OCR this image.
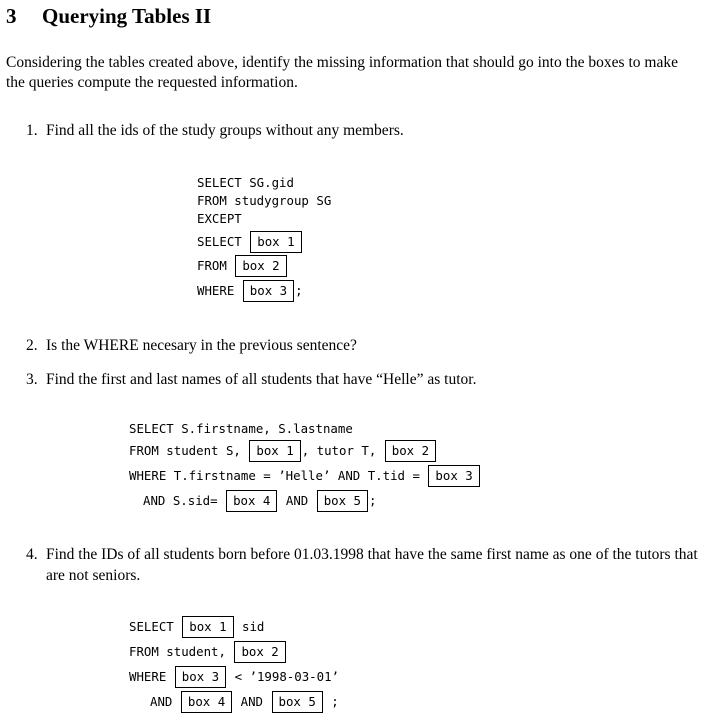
3 Querying Tables II
Considering the tables created above, identify the missing information that should go into the boxes to make the queries compute the requested information.
1. Find all the ids of the study groups without any members.
SELECT SG.gid
FROM studygroup SG
EXCEPT
SELECT box 1
FROM box 2
WHERE box 3 ;
2. Is the WHERE necesary in the previous sentence?
3. Find the first and last names of all students that have “Helle” as tutor.
SELECT S.firstname, S.lastname
FROM student S, box 1 , tutor T, box 2
WHERE T.firstname = ’Helle’ AND T.tid = box 3
AND S.sid= box 4 AND box 5 ;
4. Find the IDs of all students born before 01.03.1998 that have the same first name as one of the tutors that are not seniors.
SELECT box 1 sid
FROM student, box 2
WHERE box 3 < ’1998-03-01’
AND box 4 AND box 5 ;
